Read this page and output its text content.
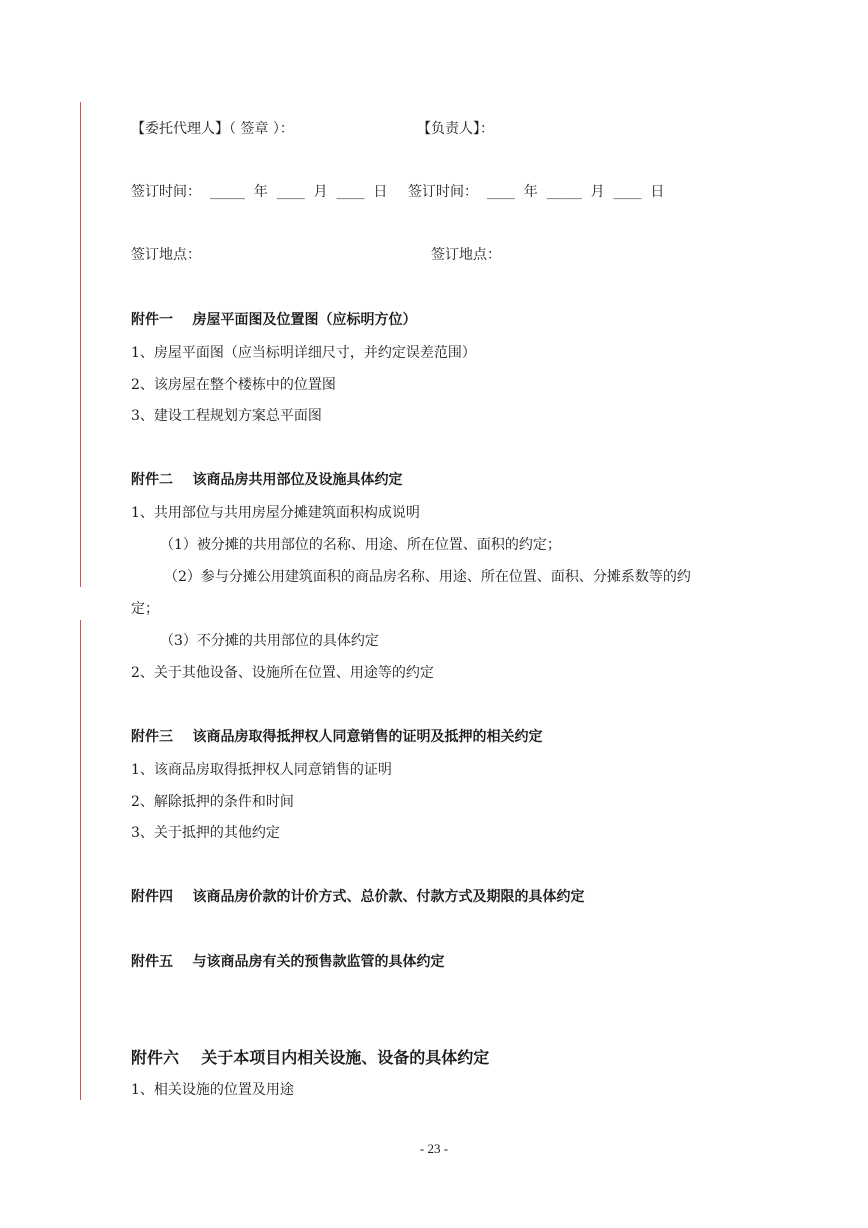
【委托代理人】（ 签章 ）：	【负责人】：
签订时间：  _____  年  ____  月  ____  日 签订时间：  ____  年  _____  月  ____  日
签订地点：	签订地点：
附件一    房屋平面图及位置图（应标明方位）
1、房屋平面图（应当标明详细尺寸，并约定误差范围）
2、该房屋在整个楼栋中的位置图
3、建设工程规划方案总平面图
附件二    该商品房共用部位及设施具体约定
1、共用部位与共用房屋分摊建筑面积构成说明
（1）被分摊的共用部位的名称、用途、所在位置、面积的约定；
（2）参与分摊公用建筑面积的商品房名称、用途、所在位置、面积、分摊系数等的约
定；
（3）不分摊的共用部位的具体约定
2、关于其他设备、设施所在位置、用途等的约定
附件三    该商品房取得抵押权人同意销售的证明及抵押的相关约定
1、该商品房取得抵押权人同意销售的证明
2、解除抵押的条件和时间
3、关于抵押的其他约定
附件四    该商品房价款的计价方式、总价款、付款方式及期限的具体约定
附件五    与该商品房有关的预售款监管的具体约定
附件六    关于本项目内相关设施、设备的具体约定
1、相关设施的位置及用途
- 23 -
